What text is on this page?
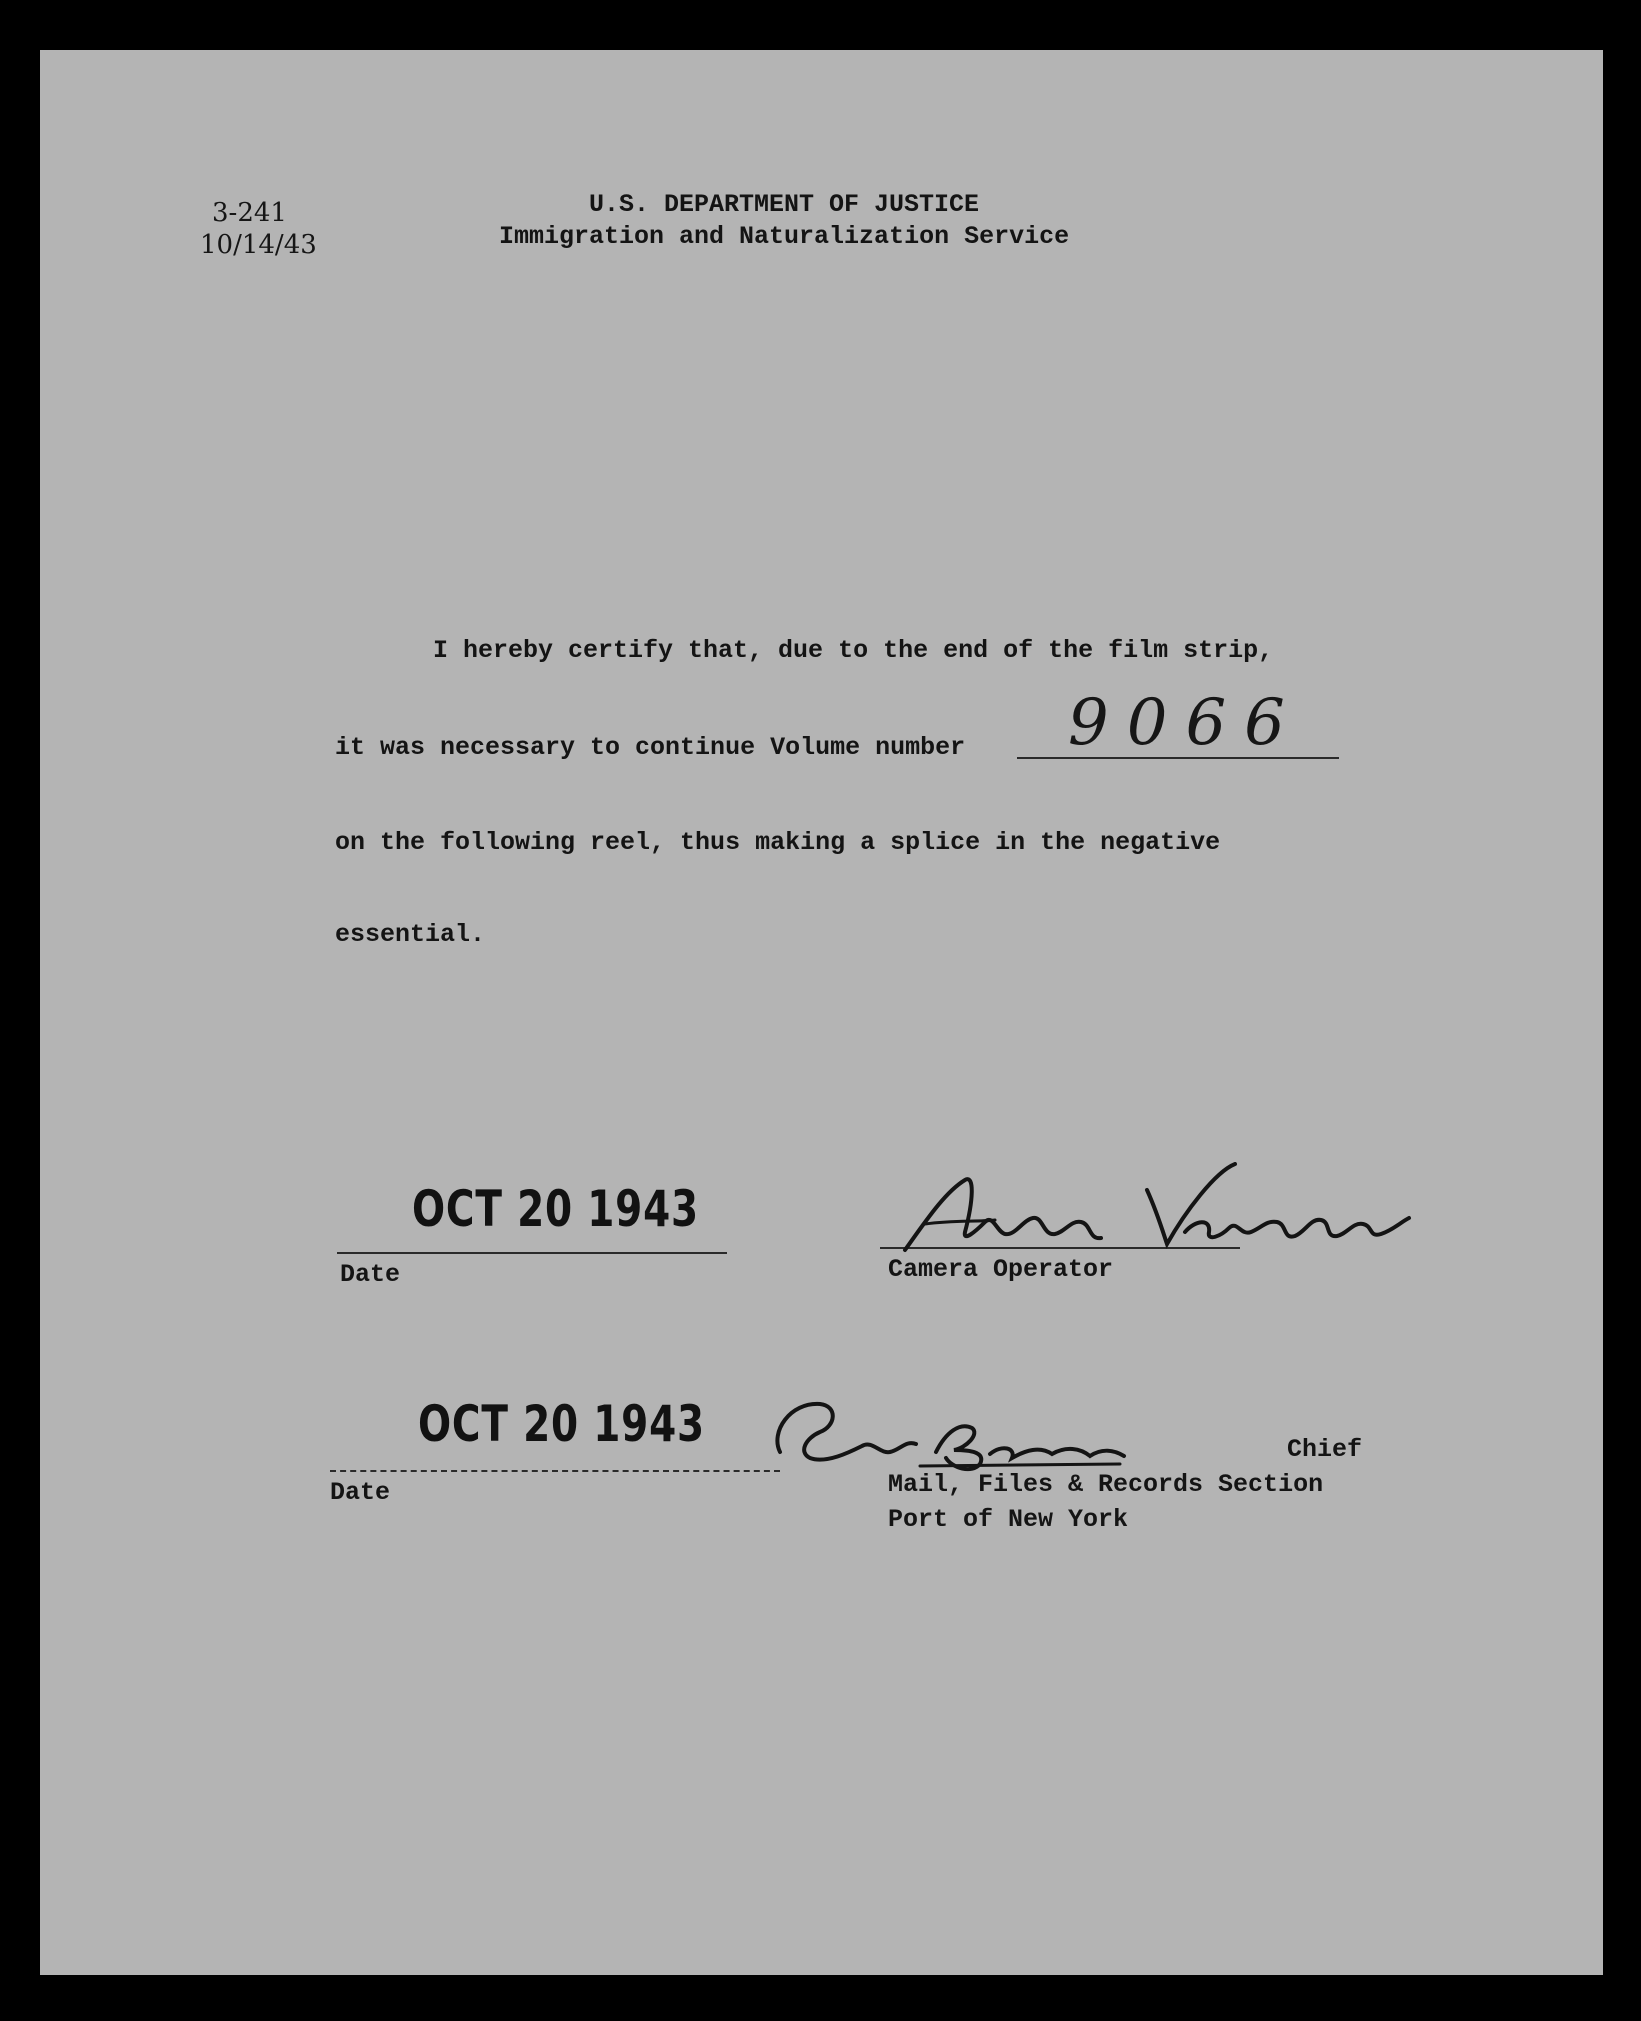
3-241
10/14/43
U.S. DEPARTMENT OF JUSTICE
Immigration and Naturalization Service
I hereby certify that, due to the end of the film strip,
it was necessary to continue Volume number 9066
on the following reel, thus making a splice in the negative
essential.
OCT 20 1943
Date	Camera Operator
OCT 20 1943
Date
Chief
Mail, Files & Records Section
Port of New York
